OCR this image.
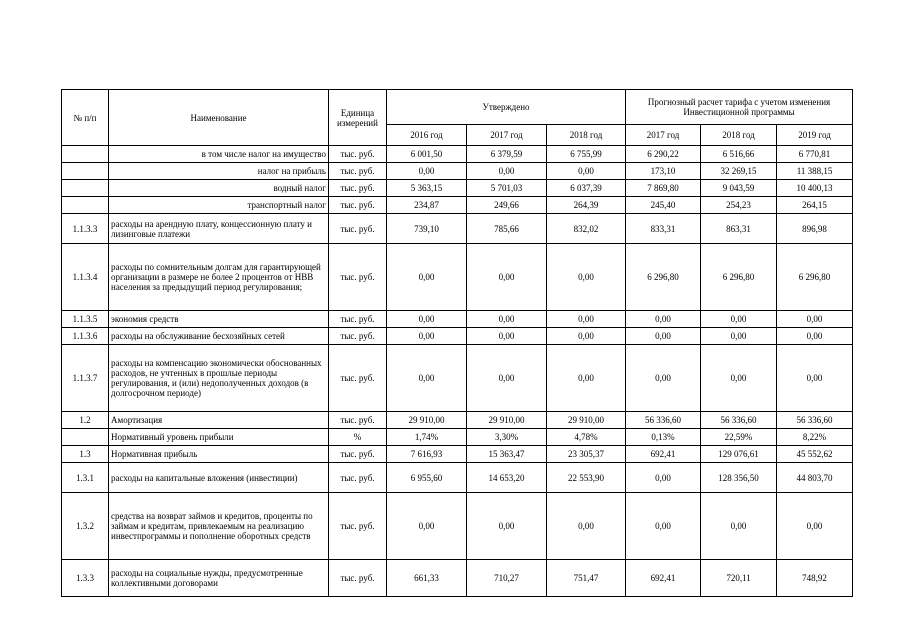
№ п/п	Наименование	Единица измерений	Утверждено			Прогнозный расчет тарифа с учетом изменения Инвестиционной программы		
			2016 год	2017 год	2018 год	2017 год	2018 год	2019 год
	в том числе налог на имущество	тыс. руб.	6 001,50	6 379,59	6 755,99	6 290,22	6 516,66	6 770,81
	налог на прибыль	тыс. руб.	0,00	0,00	0,00	173,10	32 269,15	11 388,15
	водный налог	тыс. руб.	5 363,15	5 701,03	6 037,39	7 869,80	9 043,59	10 400,13
	транспортный налог	тыс. руб.	234,87	249,66	264,39	245,40	254,23	264,15
1.1.3.3	расходы на арендную плату, концессионную плату и лизинговые платежи	тыс. руб.	739,10	785,66	832,02	833,31	863,31	896,98
1.1.3.4	расходы по сомнительным долгам для гарантирующей организации в размере не более 2 процентов от НВВ населения за предыдущий период регулирования;	тыс. руб.	0,00	0,00	0,00	6 296,80	6 296,80	6 296,80
1.1.3.5	экономия средств	тыс. руб.	0,00	0,00	0,00	0,00	0,00	0,00
1.1.3.6	расходы на обслуживание бесхозяйных сетей	тыс. руб.	0,00	0,00	0,00	0,00	0,00	0,00
1.1.3.7	расходы на компенсацию экономически обоснованных расходов, не учтенных в прошлые периоды регулирования, и (или) недополученных доходов (в долгосрочном периоде)	тыс. руб.	0,00	0,00	0,00	0,00	0,00	0,00
1.2	Амортизация	тыс. руб.	29 910,00	29 910,00	29 910,00	56 336,60	56 336,60	56 336,60
	Нормативный уровень прибыли	%	1,74%	3,30%	4,78%	0,13%	22,59%	8,22%
1.3	Нормативная прибыль	тыс. руб.	7 616,93	15 363,47	23 305,37	692,41	129 076,61	45 552,62
1.3.1	расходы на капитальные вложения (инвестиции)	тыс. руб.	6 955,60	14 653,20	22 553,90	0,00	128 356,50	44 803,70
1.3.2	средства на возврат займов и кредитов, проценты по займам и кредитам, привлекаемым на реализацию инвестпрограммы и пополнение оборотных средств	тыс. руб.	0,00	0,00	0,00	0,00	0,00	0,00
1.3.3	расходы на социальные нужды, предусмотренные коллективными договорами	тыс. руб.	661,33	710,27	751,47	692,41	720,11	748,92
